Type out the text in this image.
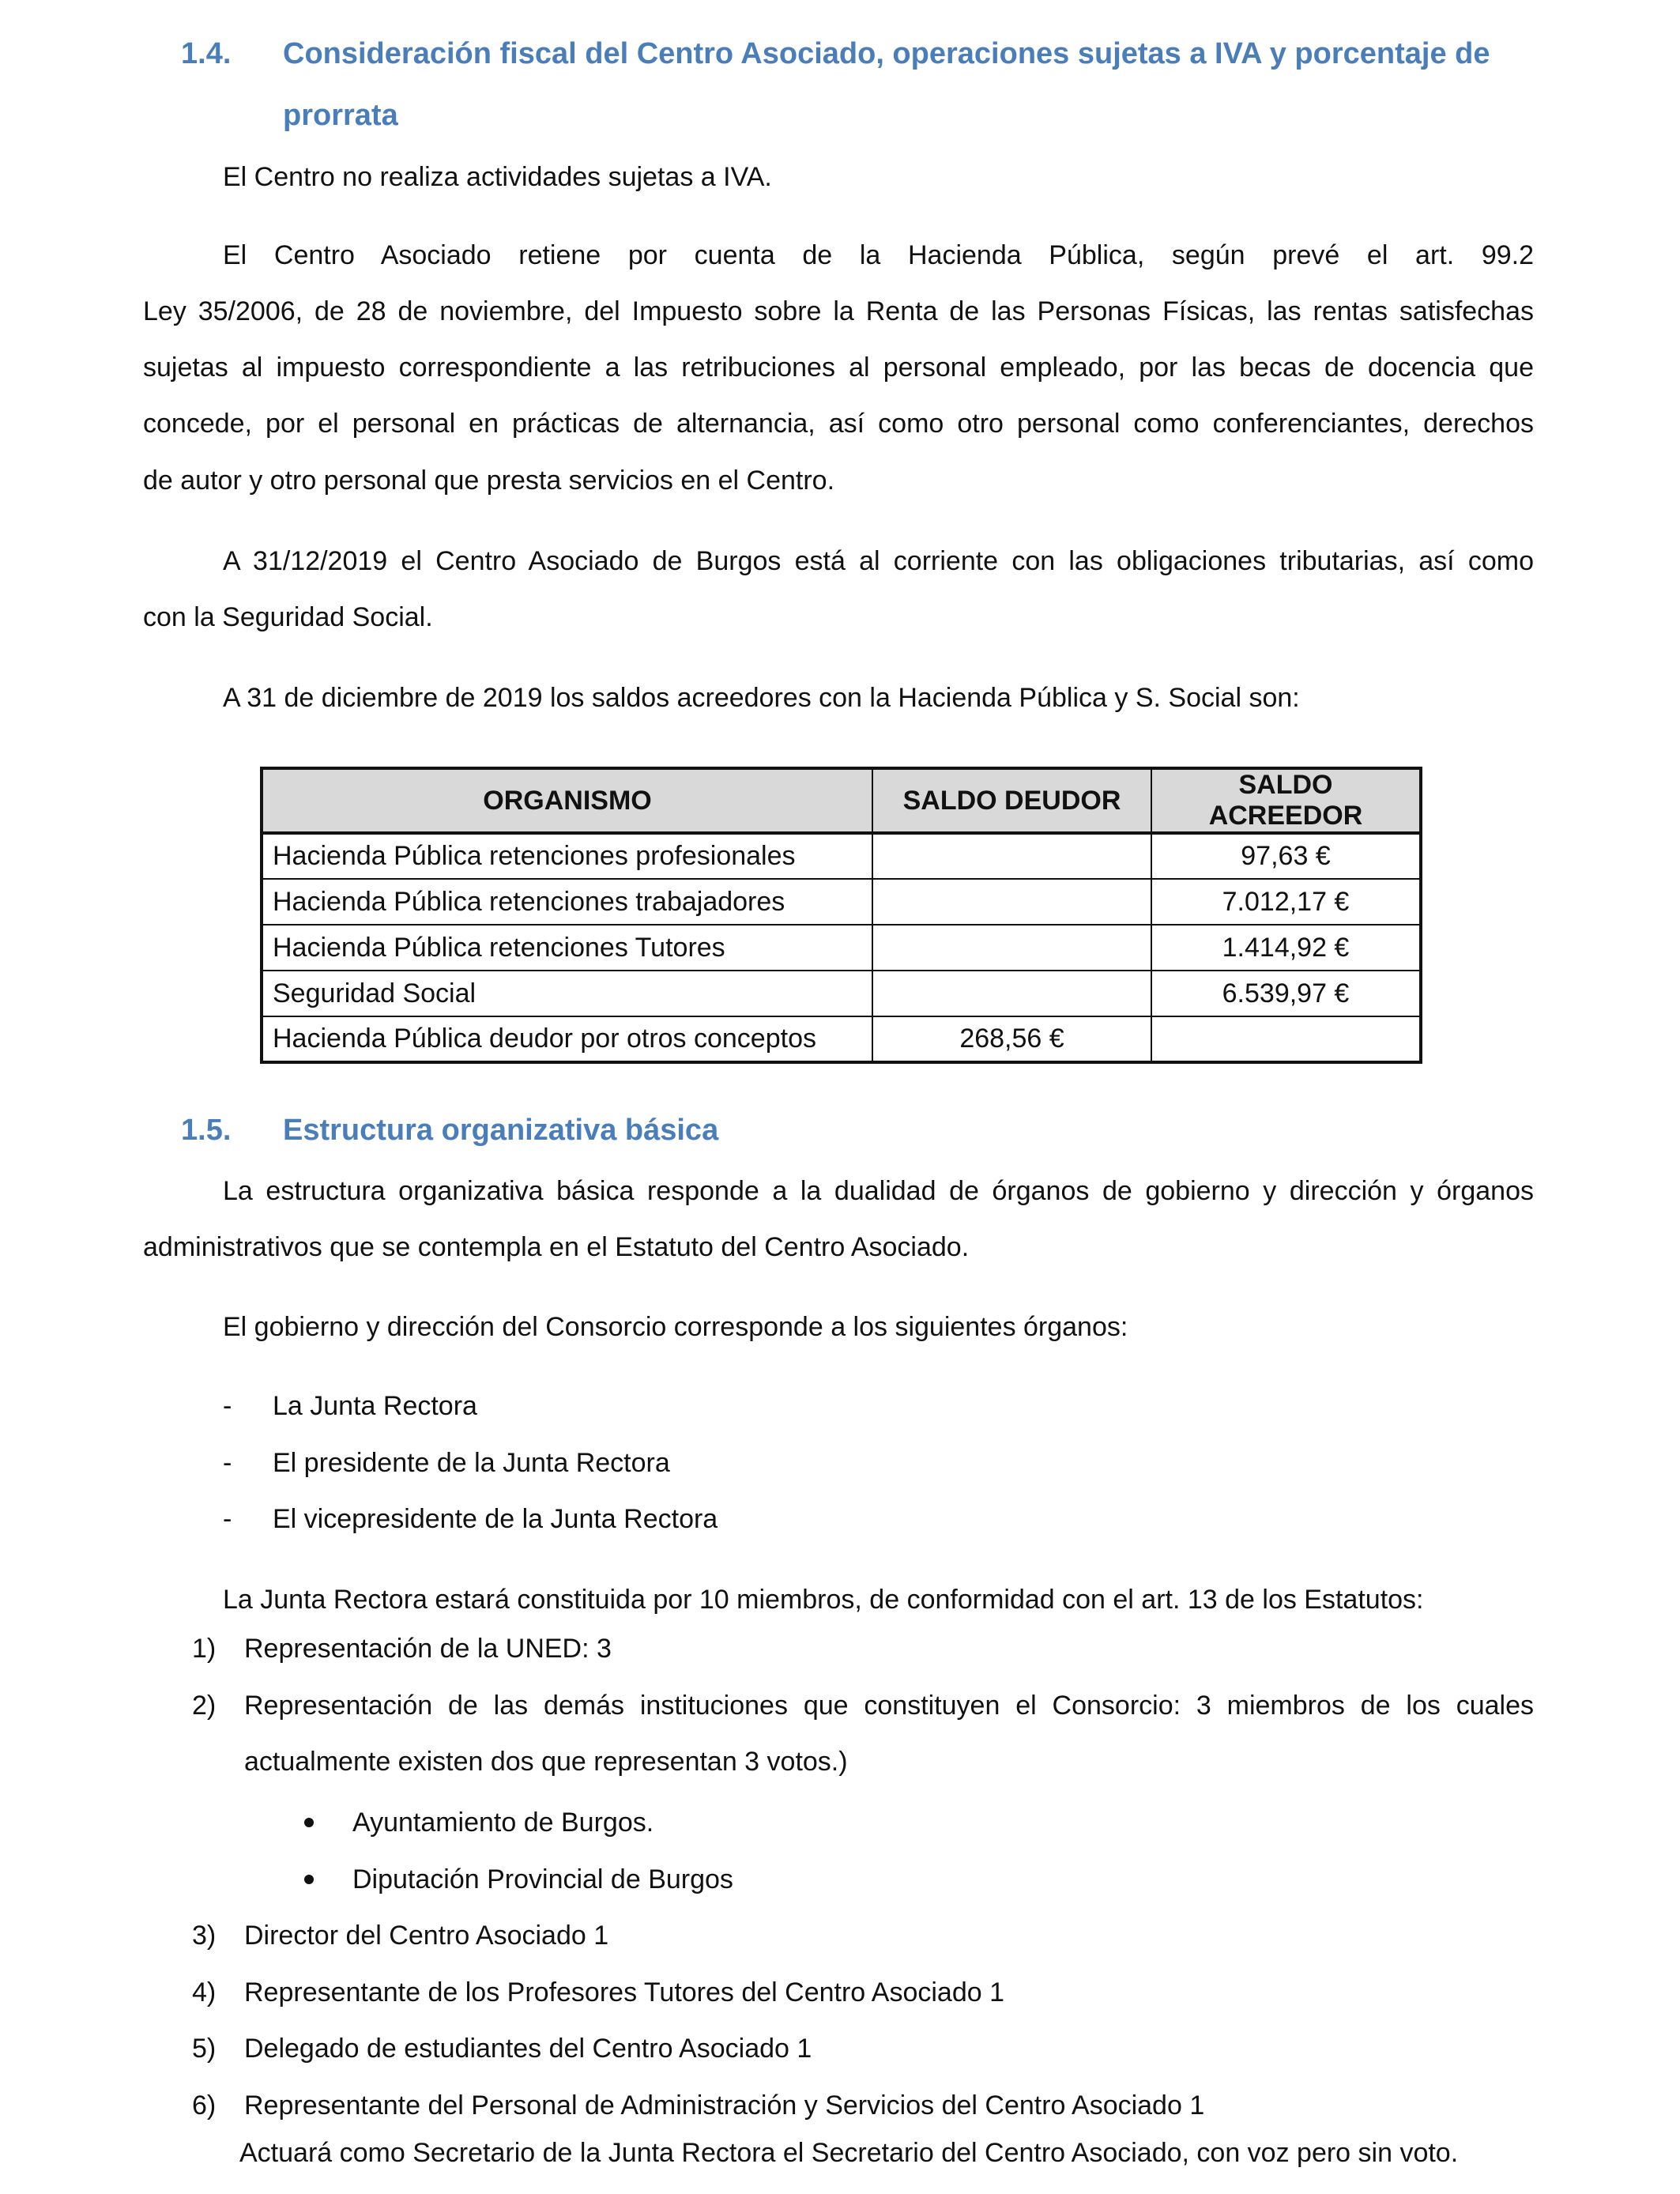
1.4. Consideración fiscal del Centro Asociado, operaciones sujetas a IVA y porcentaje de
prorrata
El Centro no realiza actividades sujetas a IVA.
El Centro Asociado retiene por cuenta de la Hacienda Pública, según prevé el art. 99.2
Ley 35/2006, de 28 de noviembre, del Impuesto sobre la Renta de las Personas Físicas, las rentas satisfechas
sujetas al impuesto correspondiente a las retribuciones al personal empleado, por las becas de docencia que
concede, por el personal en prácticas de alternancia, así como otro personal como conferenciantes, derechos
de autor y otro personal que presta servicios en el Centro.
A 31/12/2019 el Centro Asociado de Burgos está al corriente con las obligaciones tributarias, así como
con la Seguridad Social.
A 31 de diciembre de 2019 los saldos acreedores con la Hacienda Pública y S. Social son:
ORGANISMO	SALDO DEUDOR	SALDO ACREEDOR
Hacienda Pública retenciones profesionales		97,63 €
Hacienda Pública retenciones trabajadores		7.012,17 €
Hacienda Pública retenciones Tutores		1.414,92 €
Seguridad Social		6.539,97 €
Hacienda Pública deudor por otros conceptos	268,56 €	
1.5. Estructura organizativa básica
La estructura organizativa básica responde a la dualidad de órganos de gobierno y dirección y órganos
administrativos que se contempla en el Estatuto del Centro Asociado.
El gobierno y dirección del Consorcio corresponde a los siguientes órganos:
- La Junta Rectora
- El presidente de la Junta Rectora
- El vicepresidente de la Junta Rectora
La Junta Rectora estará constituida por 10 miembros, de conformidad con el art. 13 de los Estatutos:
1) Representación de la UNED: 3
2) Representación de las demás instituciones que constituyen el Consorcio: 3 miembros de los cuales
actualmente existen dos que representan 3 votos.)
Ayuntamiento de Burgos.
Diputación Provincial de Burgos
3) Director del Centro Asociado 1
4) Representante de los Profesores Tutores del Centro Asociado 1
5) Delegado de estudiantes del Centro Asociado 1
6) Representante del Personal de Administración y Servicios del Centro Asociado 1
Actuará como Secretario de la Junta Rectora el Secretario del Centro Asociado, con voz pero sin voto.
